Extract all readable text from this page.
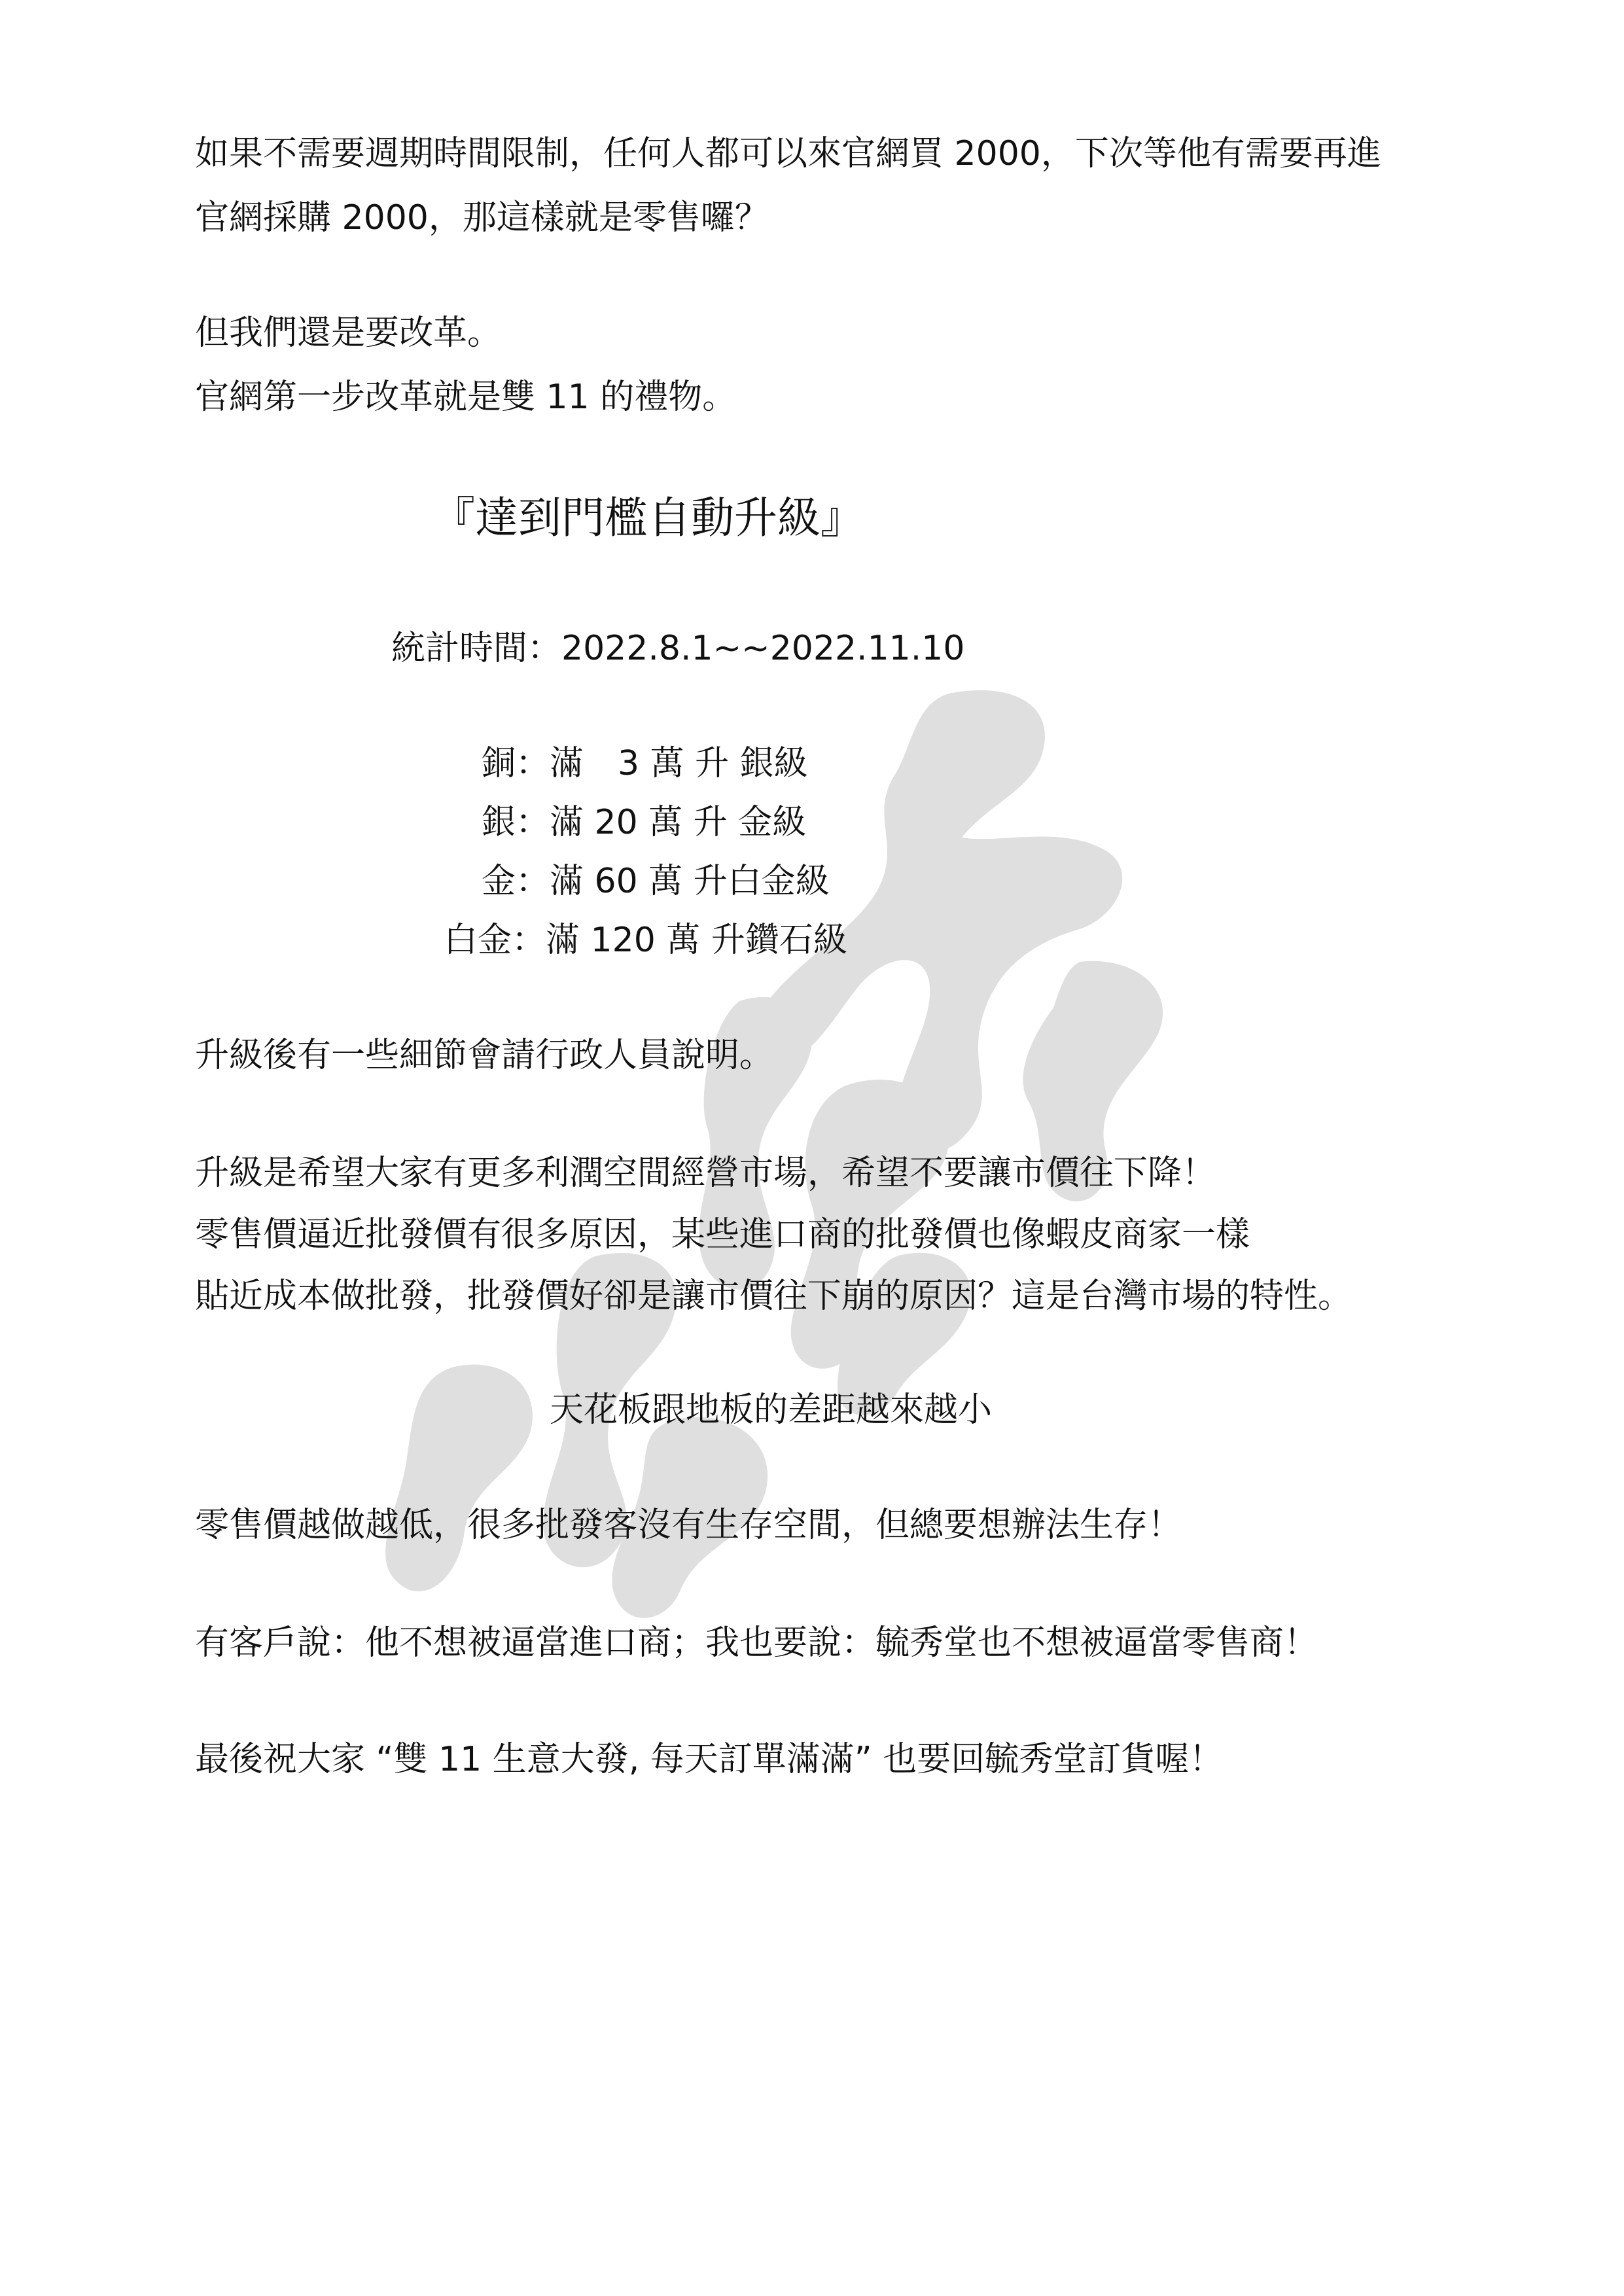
如果不需要週期時間限制，任何人都可以來官網買 2000，下次等他有需要再進
官網採購 2000，那這樣就是零售囉？
但我們還是要改革。
官網第一步改革就是雙 11 的禮物。
『達到門檻自動升級』
統計時間：2022.8.1~~2022.11.10
銅：滿　3 萬 升 銀級
銀：滿 20 萬 升 金級
金：滿 60 萬 升白金級
白金：滿 120 萬 升鑽石級
升級後有一些細節會請行政人員說明。
升級是希望大家有更多利潤空間經營市場，希望不要讓市價往下降！
零售價逼近批發價有很多原因，某些進口商的批發價也像蝦皮商家一樣
貼近成本做批發，批發價好卻是讓市價往下崩的原因？這是台灣市場的特性。
天花板跟地板的差距越來越小
零售價越做越低，很多批發客沒有生存空間，但總要想辦法生存！
有客戶說：他不想被逼當進口商；我也要說：毓秀堂也不想被逼當零售商！
最後祝大家 “雙 11 生意大發, 每天訂單滿滿” 也要回毓秀堂訂貨喔！
